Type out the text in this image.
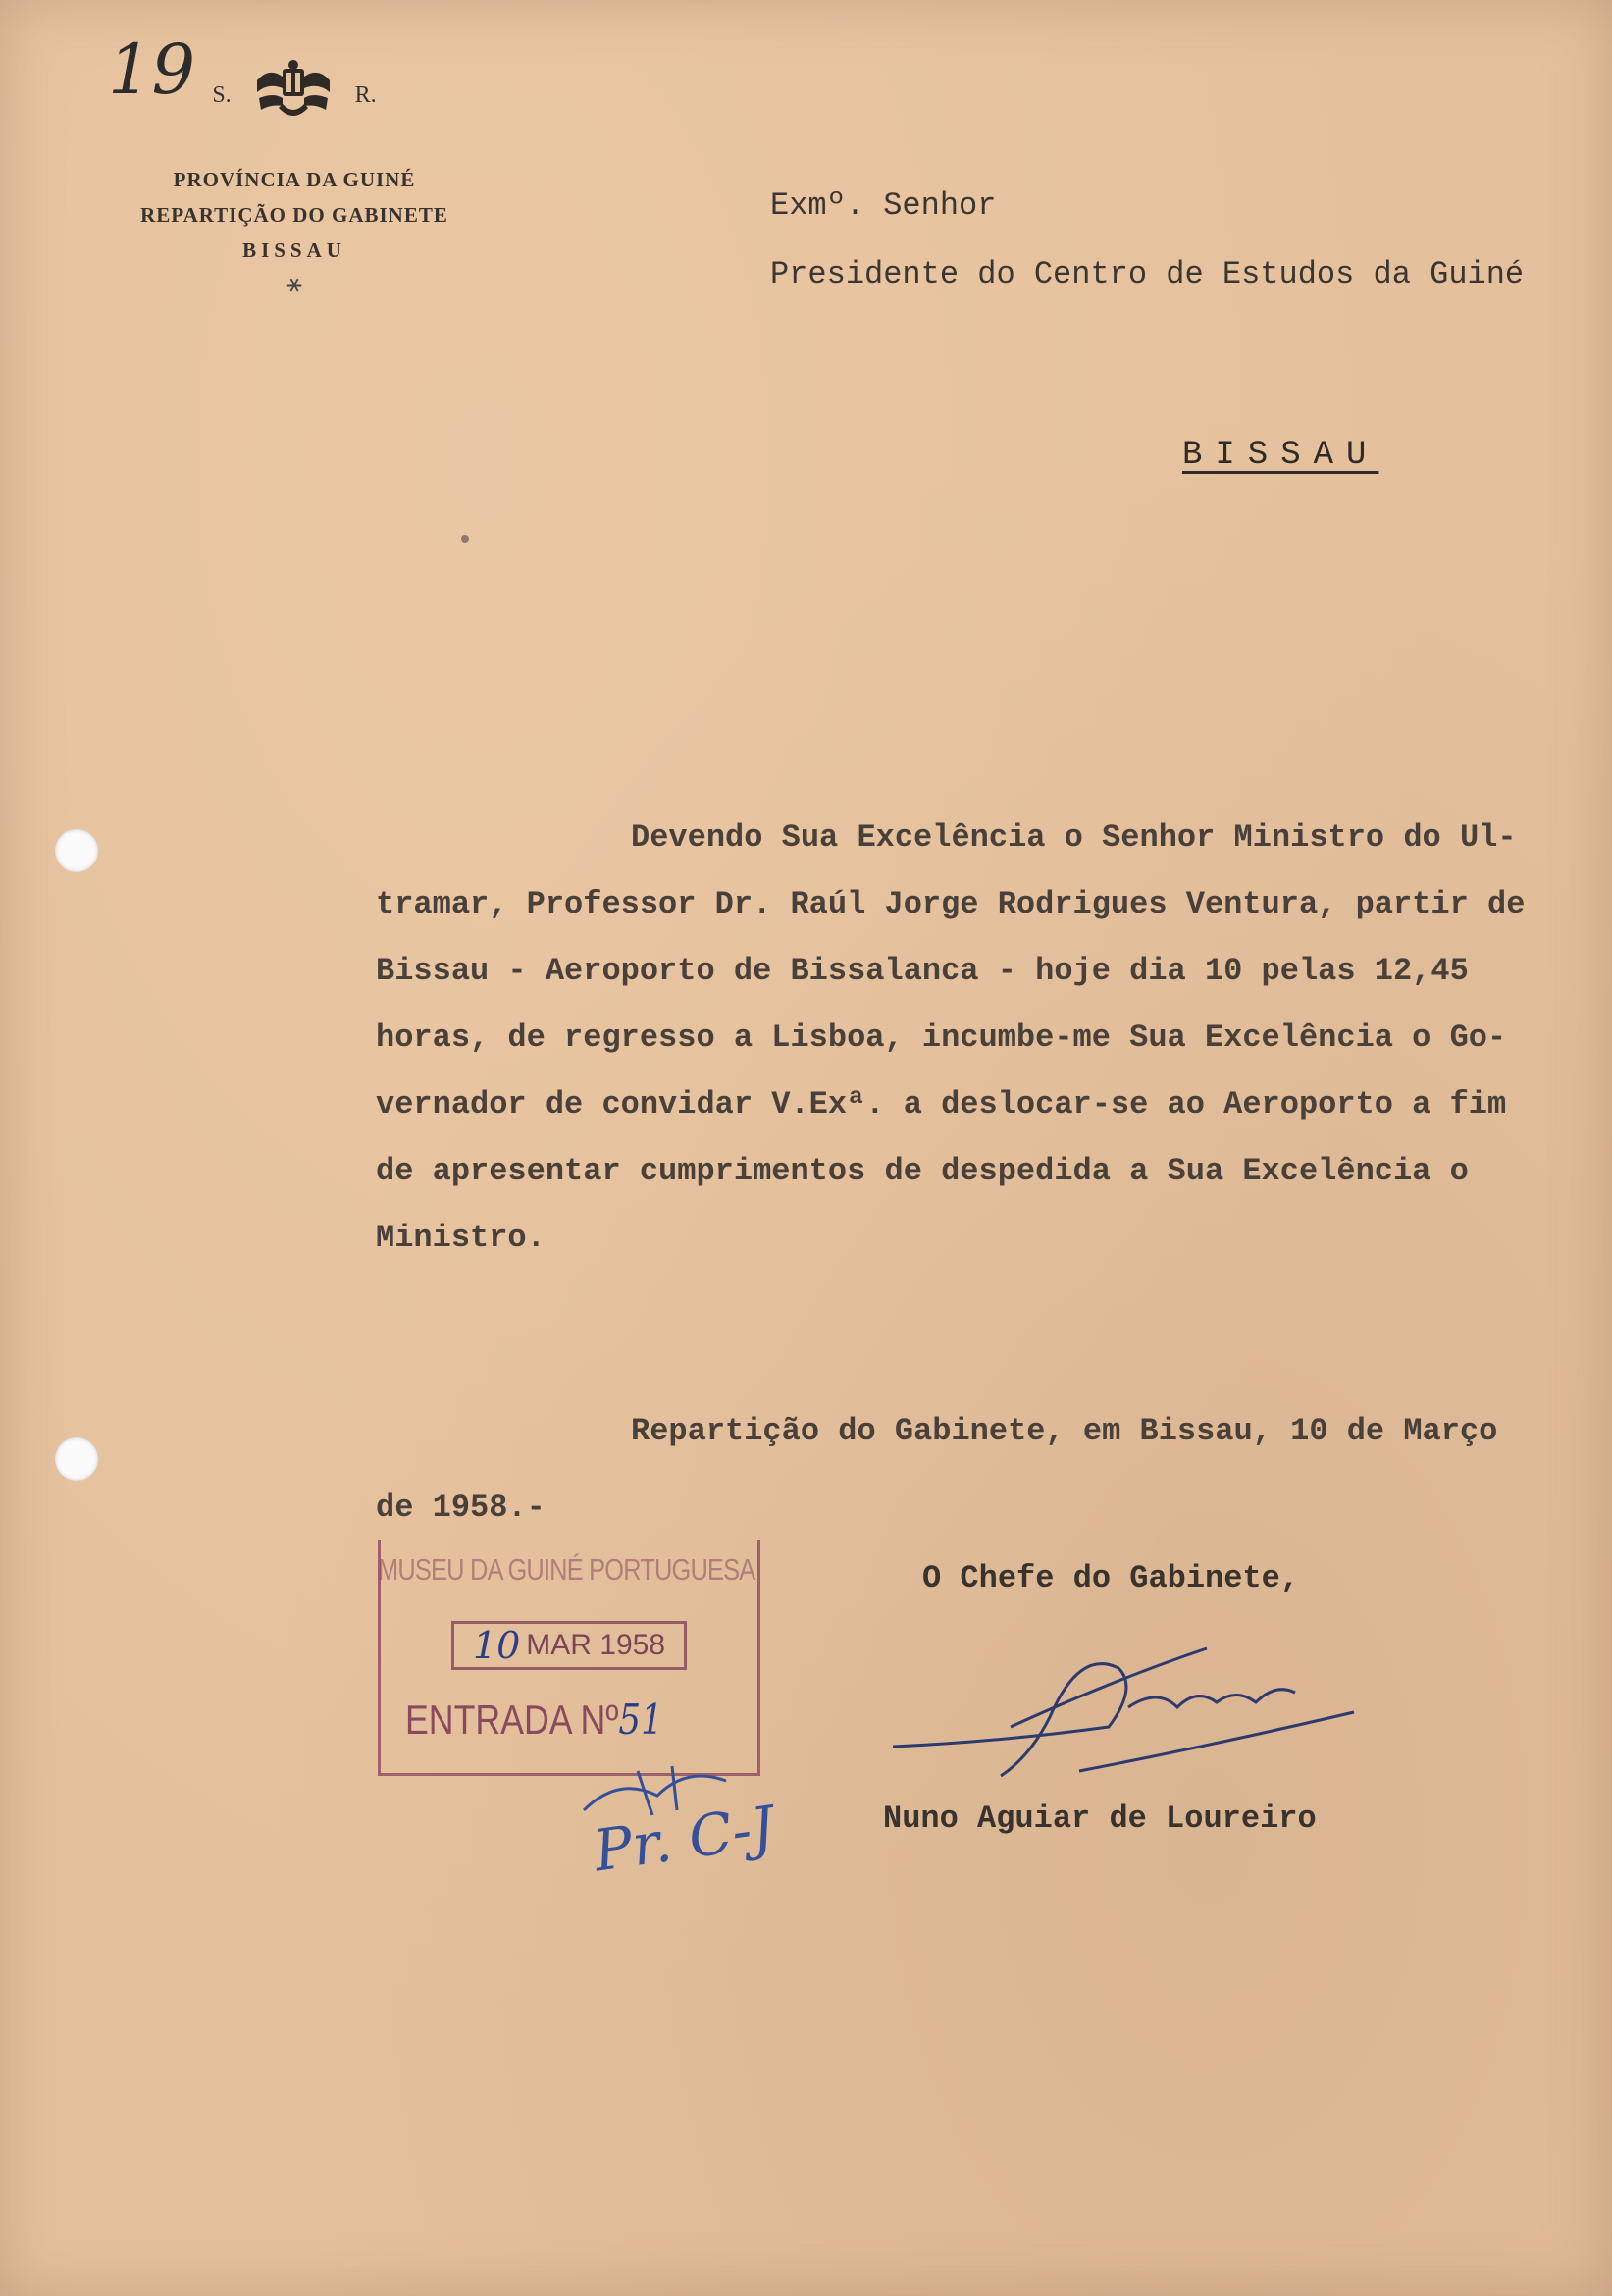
19 S.	R.
PROVÍNCIA DA GUINÉ
REPARTIÇÃO DO GABINETE
BISSAU
⚹
Exmº. Senhor
Presidente do Centro de Estudos da Guiné
BISSAU
Devendo Sua Excelência o Senhor Ministro do Ul-
tramar, Professor Dr. Raúl Jorge Rodrigues Ventura, partir de
Bissau - Aeroporto de Bissalanca - hoje dia 10 pelas 12,45
horas, de regresso a Lisboa, incumbe-me Sua Excelência o Go-
vernador de convidar V.Exª. a deslocar-se ao Aeroporto a fim
de apresentar cumprimentos de despedida a Sua Excelência o
Ministro.
Repartição do Gabinete, em Bissau, 10 de Março
de 1958.-
MUSEU DA GUINÉ PORTUGUESA
10 MAR 1958
ENTRADA Nº51
Pr. C-J
O Chefe do Gabinete,
Nuno Aguiar de Loureiro
